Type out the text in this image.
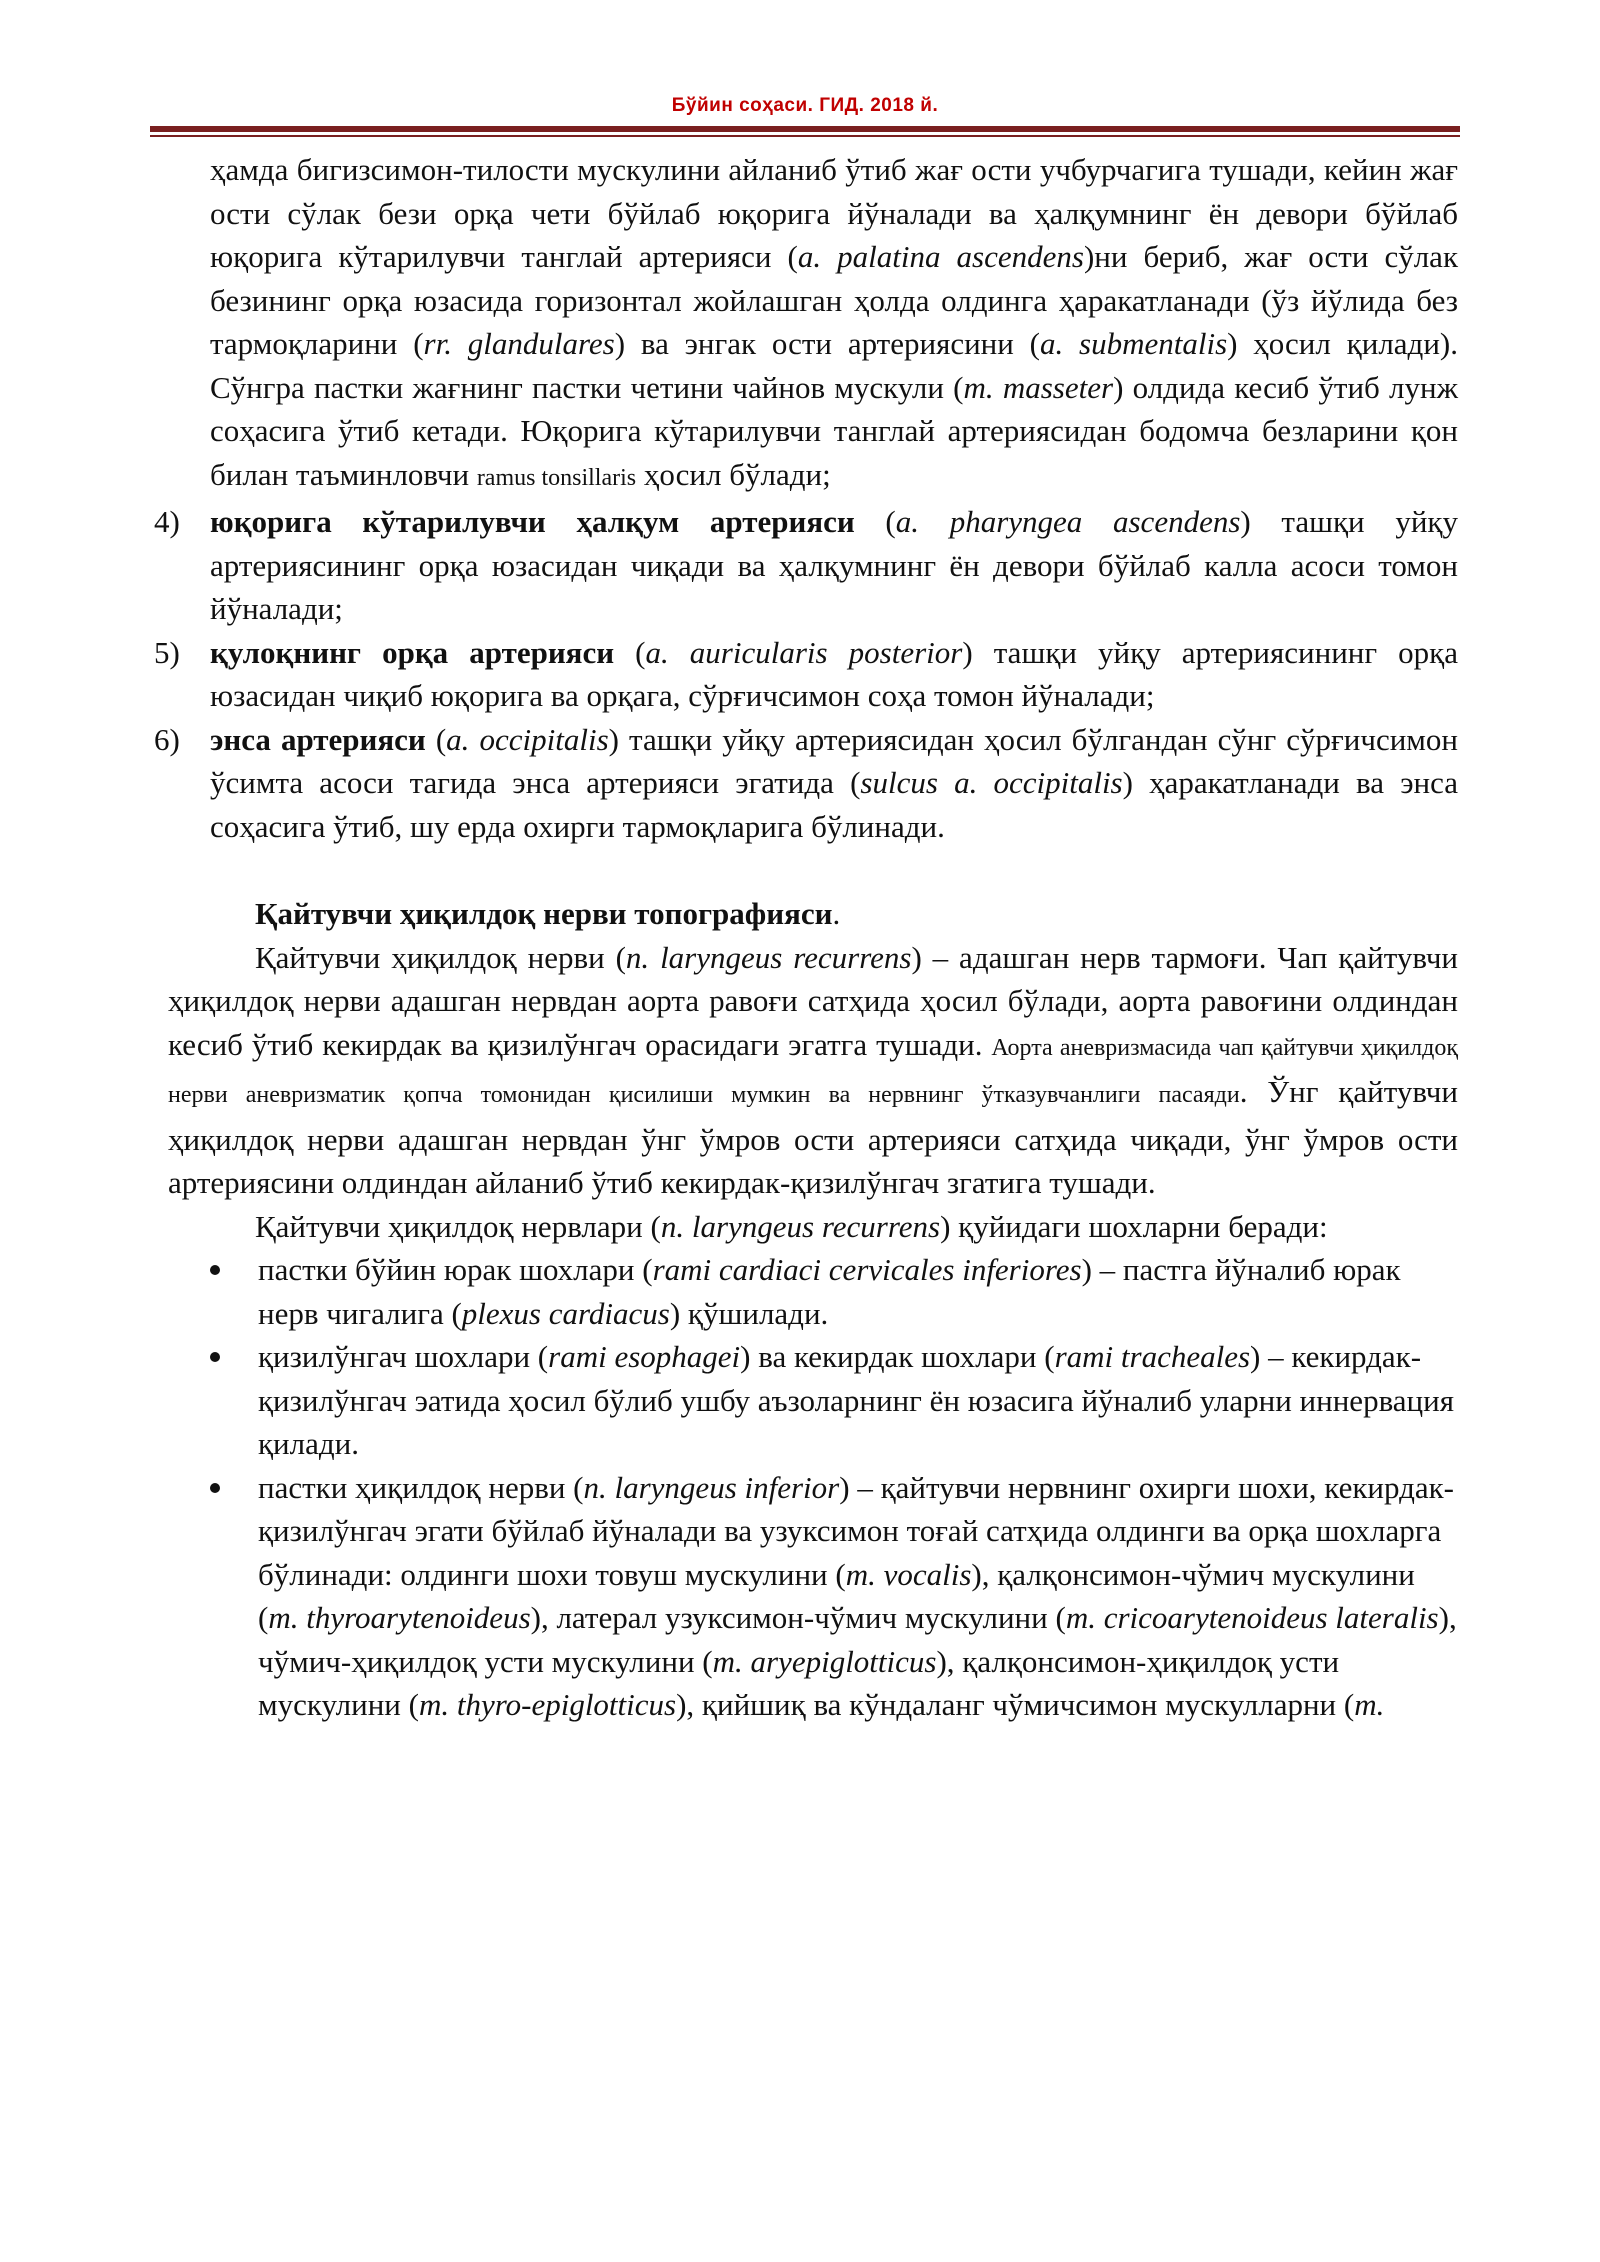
Бўйин соҳаси. ГИД. 2018 й.

ҳамда бигизсимон-тилости мускулини айланиб ўтиб жағ ости учбурчагига тушади, кейин жағ ости сўлак бези орқа чети бўйлаб юқорига йўналади ва ҳалқумнинг ён девори бўйлаб юқорига кўтарилувчи танглай артерияси (a. palatina ascendens)ни бериб, жағ ости сўлак безининг орқа юзасида горизонтал жойлашган ҳолда олдинга ҳаракатланади (ўз йўлида без тармоқларини (rr. glandulares) ва энгак ости артериясини (a. submentalis) ҳосил қилади). Сўнгра пастки жағнинг пастки четини чайнов мускули (m. masseter) олдида кесиб ўтиб лунж соҳасига ўтиб кетади. Юқорига кўтарилувчи танглай артериясидан бодомча безларини қон билан таъминловчи ramus tonsillaris ҳосил бўлади;

4) юқорига кўтарилувчи ҳалқум артерияси (a. pharyngea ascendens) ташқи уйқу артериясининг орқа юзасидан чиқади ва ҳалқумнинг ён девори бўйлаб калла асоси томон йўналади;

5) қулоқнинг орқа артерияси (a. auricularis posterior) ташқи уйқу артериясининг орқа юзасидан чиқиб юқорига ва орқага, сўрғичсимон соҳа томон йўналади;

6) энса артерияси (a. occipitalis) ташқи уйқу артериясидан ҳосил бўлгандан сўнг сўрғичсимон ўсимта асоси тагида энса артерияси эгатида (sulcus a. occipitalis) ҳаракатланади ва энса соҳасига ўтиб, шу ерда охирги тармоқларига бўлинади.

Қайтувчи ҳиқилдоқ нерви топографияси.

Қайтувчи ҳиқилдоқ нерви (n. laryngeus recurrens) – адашган нерв тармоғи. Чап қайтувчи ҳиқилдоқ нерви адашган нервдан аорта равоғи сатҳида ҳосил бўлади, аорта равоғини олдиндан кесиб ўтиб кекирдак ва қизилўнгач орасидаги эгатга тушади. Аорта аневризмасида чап қайтувчи ҳиқилдоқ нерви аневризматик қопча томонидан қисилиши мумкин ва нервнинг ўтказувчанлиги пасаяди. Ўнг қайтувчи ҳиқилдоқ нерви адашган нервдан ўнг ўмров ости артерияси сатҳида чиқади, ўнг ўмров ости артериясини олдиндан айланиб ўтиб кекирдак-қизилўнгач згатига тушади.

Қайтувчи ҳиқилдоқ нервлари (n. laryngeus recurrens) қуйидаги шохларни беради:

пастки бўйин юрак шохлари (rami cardiaci cervicales inferiores) – пастга йўналиб юрак нерв чигалига (plexus cardiacus) қўшилади.
қизилўнгач шохлари (rami esophagei) ва кекирдак шохлари (rami tracheales) – кекирдак-қизилўнгач эатида ҳосил бўлиб ушбу аъзоларнинг ён юзасига йўналиб уларни иннервация қилади.
пастки ҳиқилдоқ нерви (n. laryngeus inferior) – қайтувчи нервнинг охирги шохи, кекирдак-қизилўнгач эгати бўйлаб йўналади ва узуксимон тоғай сатҳида олдинги ва орқа шохларга бўлинади: олдинги шохи товуш мускулини (m. vocalis), қалқонсимон-чўмич мускулини (m. thyroarytenoideus), латерал узуксимон-чўмич мускулини (m. cricoarytenoideus lateralis), чўмич-ҳиқилдоқ усти мускулини (m. aryepiglotticus), қалқонсимон-ҳиқилдоқ усти мускулини (m. thyro-epiglotticus), қийшиқ ва кўндаланг чўмичсимон мускулларни (m.
